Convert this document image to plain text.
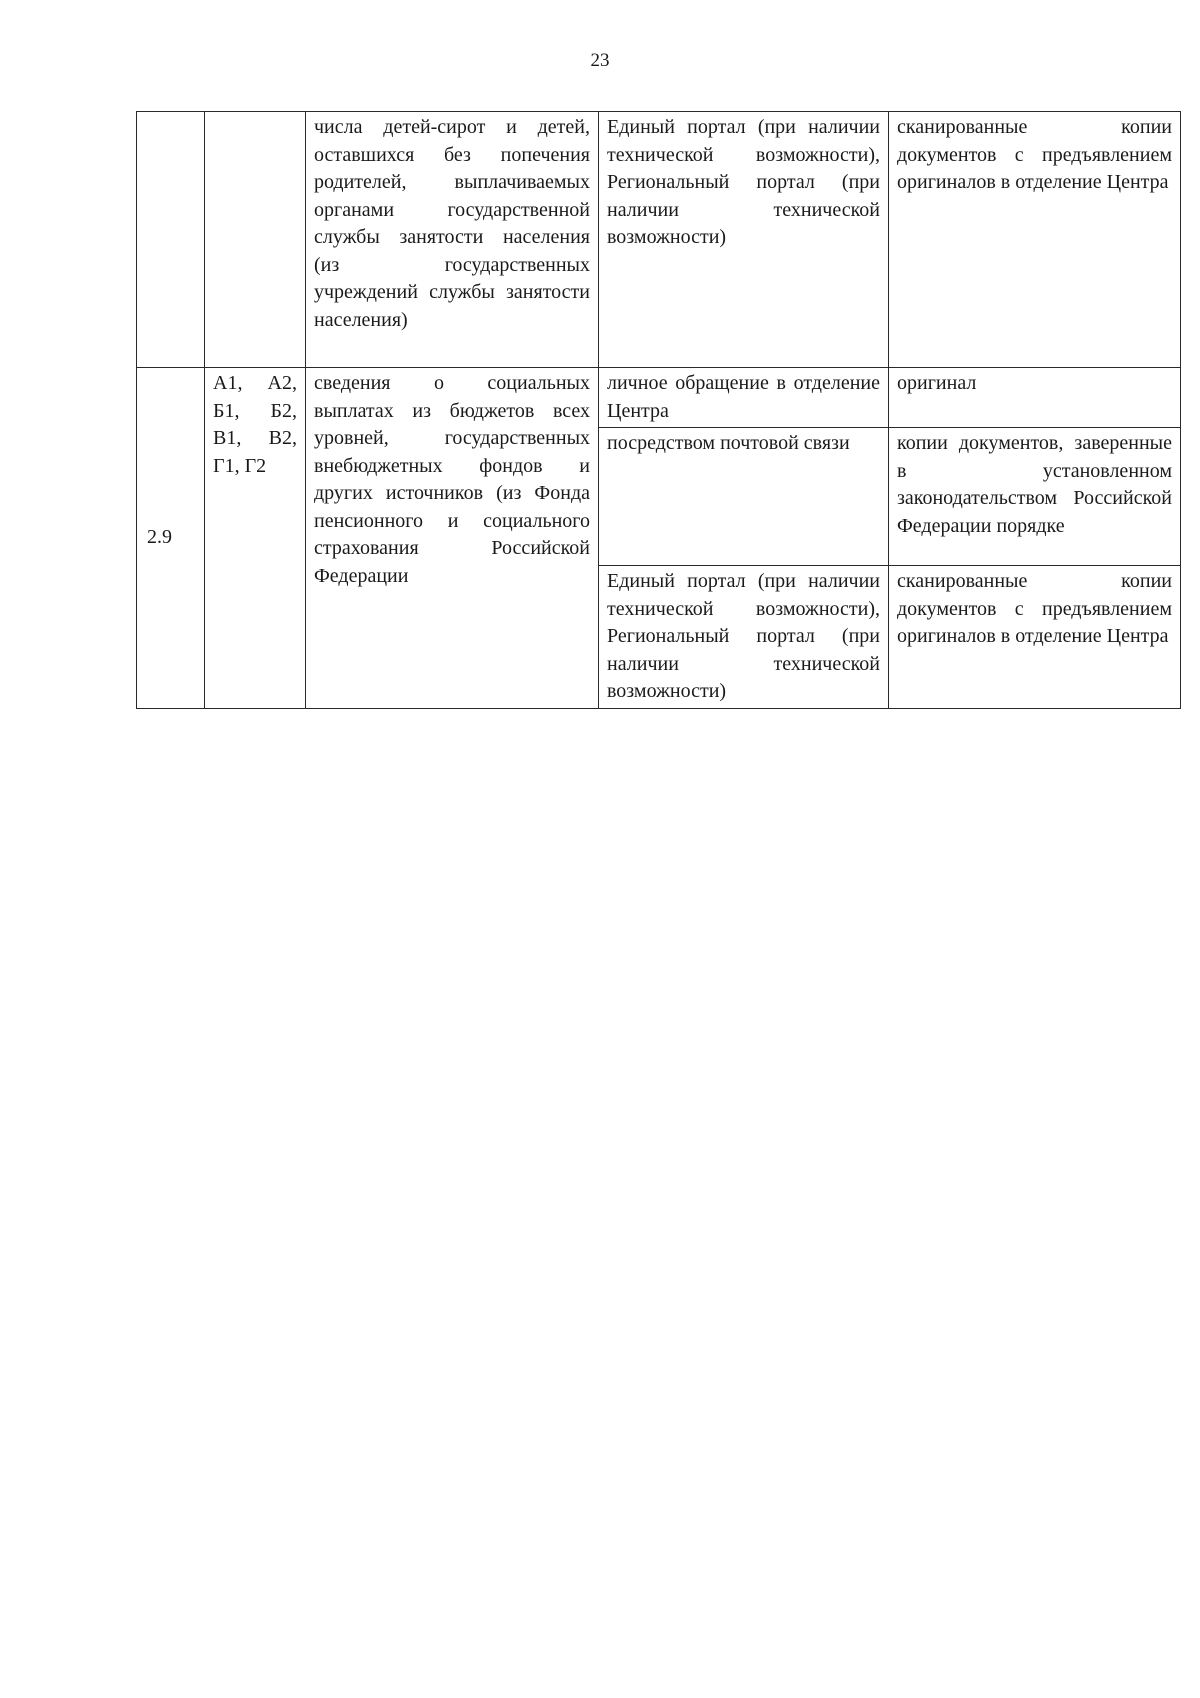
23
		числа детей-сирот и детей, оставшихся без попечения родителей, выплачиваемых органами государственной службы занятости населения (из государственных учреждений службы занятости населения)	Единый портал (при наличии технической возможности), Региональный портал (при наличии технической возможности)	сканированные копии документов с предъявлением оригиналов в отделение Центра
2.9	А1, А2, Б1, Б2, В1, В2, Г1, Г2	сведения о социальных выплатах из бюджетов всех уровней, государственных внебюджетных фондов и других источников (из Фонда пенсионного и социального страхования Российской Федерации	личное обращение в отделение Центра	оригинал
			посредством почтовой связи	копии документов, заверенные в установленном законодательством Российской Федерации порядке
			Единый портал (при наличии технической возможности), Региональный портал (при наличии технической возможности)	сканированные копии документов с предъявлением оригиналов в отделение Центра
